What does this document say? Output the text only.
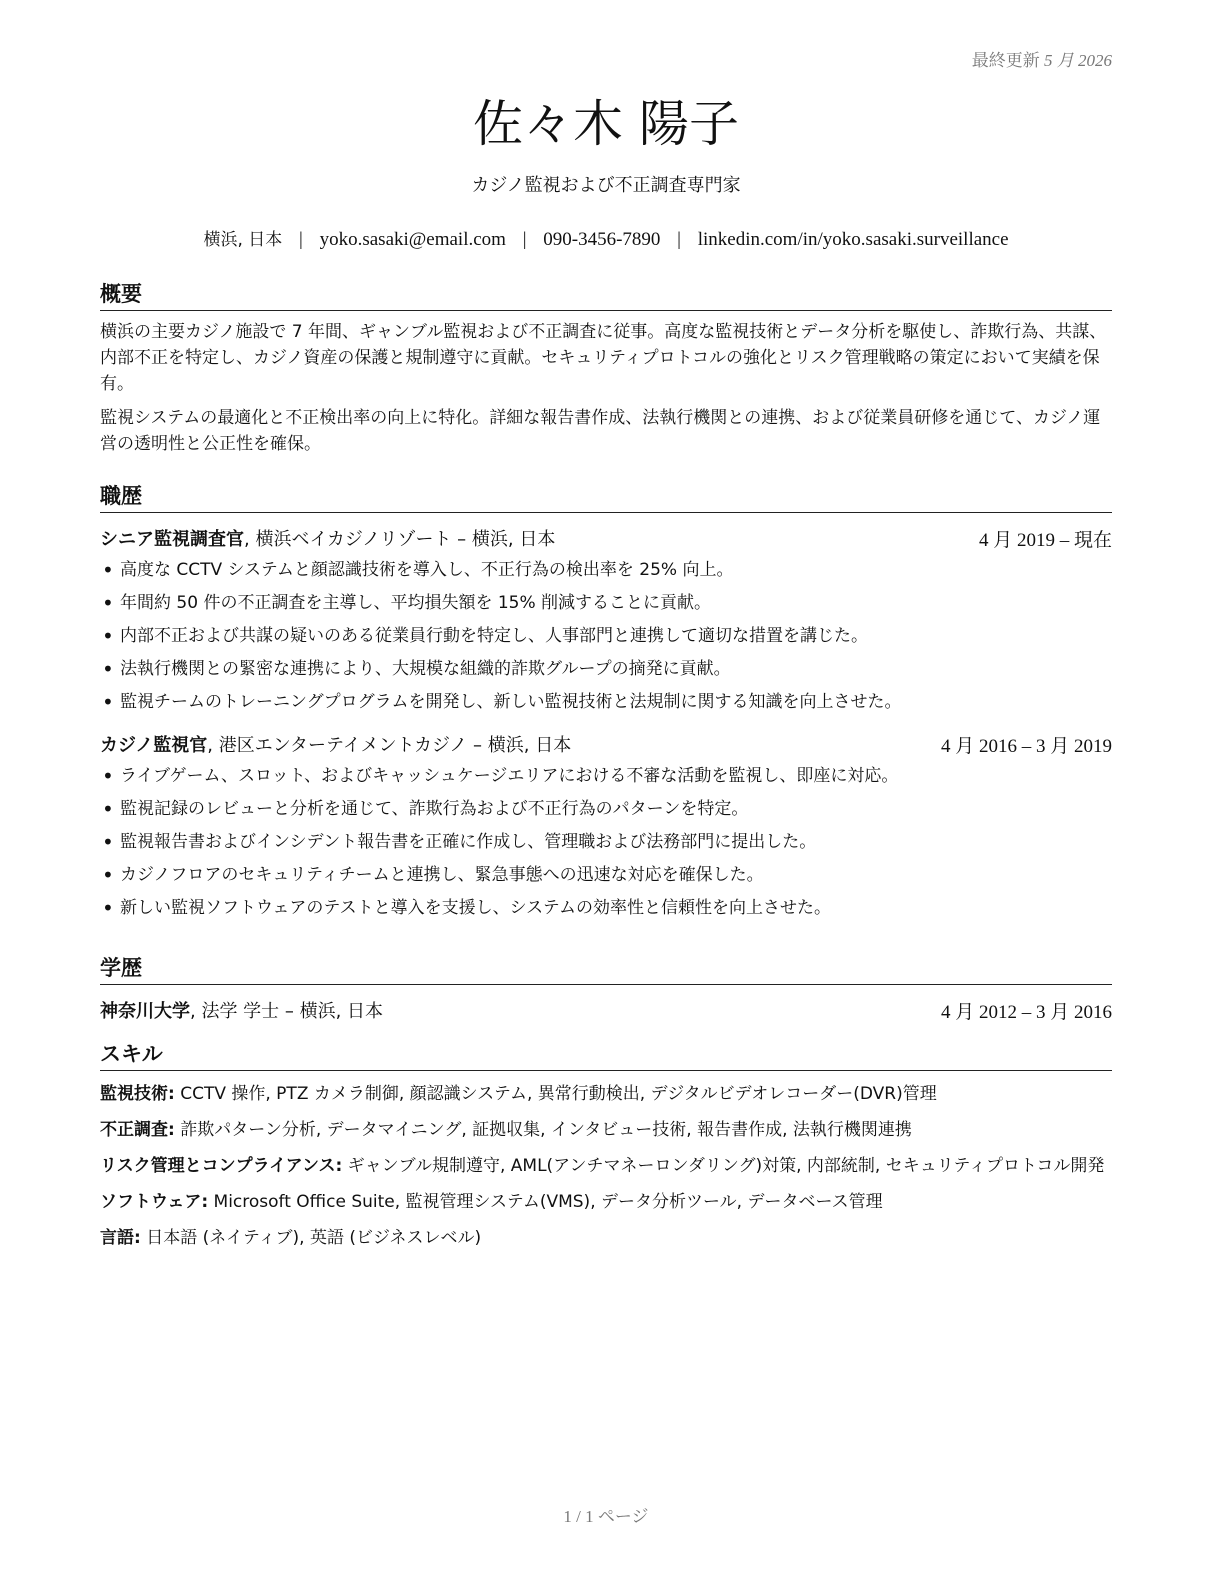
最終更新 5 月 2026
佐々木 陽子
カジノ監視および不正調査専門家
横浜, 日本 | yoko.sasaki@email.com | 090-3456-7890 | linkedin.com/in/yoko.sasaki.surveillance
概要

横浜の主要カジノ施設で 7 年間、ギャンブル監視および不正調査に従事。高度な監視技術とデータ分析を駆使し、詐欺行為、共謀、内部不正を特定し、カジノ資産の保護と規制遵守に貢献。セキュリティプロトコルの強化とリスク管理戦略の策定において実績を保有。

監視システムの最適化と不正検出率の向上に特化。詳細な報告書作成、法執行機関との連携、および従業員研修を通じて、カジノ運営の透明性と公正性を確保。

職歴
シニア監視調査官, 横浜ベイカジノリゾート – 横浜, 日本	4 月 2019 – 現在
• 高度な CCTV システムと顔認識技術を導入し、不正行為の検出率を 25% 向上。
• 年間約 50 件の不正調査を主導し、平均損失額を 15% 削減することに貢献。
• 内部不正および共謀の疑いのある従業員行動を特定し、人事部門と連携して適切な措置を講じた。
• 法執行機関との緊密な連携により、大規模な組織的詐欺グループの摘発に貢献。
• 監視チームのトレーニングプログラムを開発し、新しい監視技術と法規制に関する知識を向上させた。
カジノ監視官, 港区エンターテイメントカジノ – 横浜, 日本	4 月 2016 – 3 月 2019
• ライブゲーム、スロット、およびキャッシュケージエリアにおける不審な活動を監視し、即座に対応。
• 監視記録のレビューと分析を通じて、詐欺行為および不正行為のパターンを特定。
• 監視報告書およびインシデント報告書を正確に作成し、管理職および法務部門に提出した。
• カジノフロアのセキュリティチームと連携し、緊急事態への迅速な対応を確保した。
• 新しい監視ソフトウェアのテストと導入を支援し、システムの効率性と信頼性を向上させた。
学歴
神奈川大学, 法学 学士 – 横浜, 日本	4 月 2012 – 3 月 2016
スキル
監視技術: CCTV 操作, PTZ カメラ制御, 顔認識システム, 異常行動検出, デジタルビデオレコーダー(DVR)管理
不正調査: 詐欺パターン分析, データマイニング, 証拠収集, インタビュー技術, 報告書作成, 法執行機関連携
リスク管理とコンプライアンス: ギャンブル規制遵守, AML(アンチマネーロンダリング)対策, 内部統制, セキュリティプロトコル開発
ソフトウェア: Microsoft Office Suite, 監視管理システム(VMS), データ分析ツール, データベース管理
言語: 日本語 (ネイティブ), 英語 (ビジネスレベル)
1 / 1 ページ
